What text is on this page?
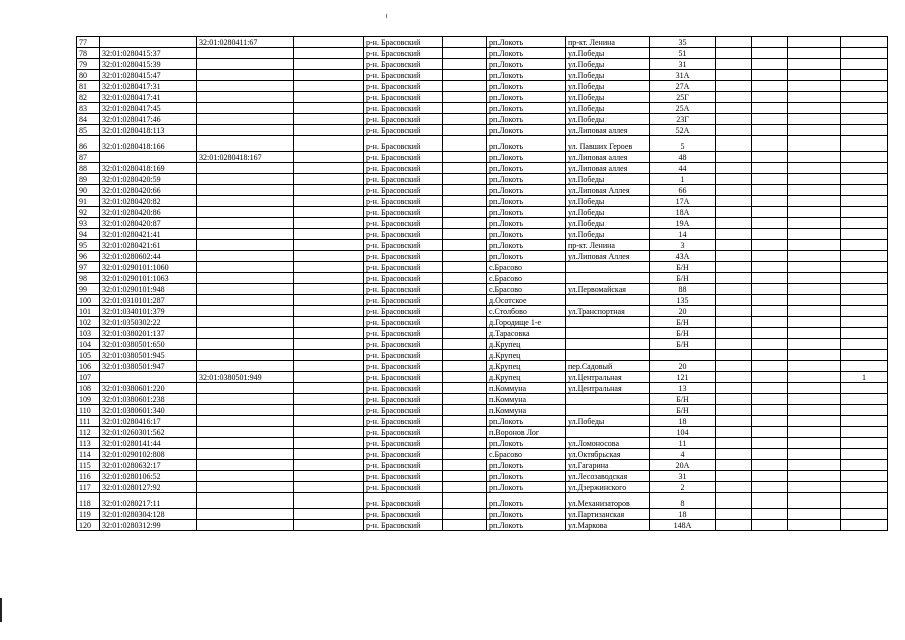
77		32:01:0280411:67		р-н. Брасовский		рп.Локоть	пр-кт. Ленина	35				
78	32:01:0280415:37			р-н. Брасовский		рп.Локоть	ул.Победы	51				
79	32:01:0280415:39			р-н. Брасовский		рп.Локоть	ул.Победы	31				
80	32:01:0280415:47			р-н. Брасовский		рп.Локоть	ул.Победы	31А				
81	32:01:0280417:31			р-н. Брасовский		рп.Локоть	ул.Победы	27А				
82	32:01:0280417:41			р-н. Брасовский		рп.Локоть	ул.Победы	25Г				
83	32:01:0280417:45			р-н. Брасовский		рп.Локоть	ул.Победы	25А				
84	32:01:0280417:46			р-н. Брасовский		рп.Локоть	ул.Победы	23Г				
85	32:01:0280418:113			р-н. Брасовский		рп.Локоть	ул.Липовая аллея	52А				
86	32:01:0280418:166			р-н. Брасовский		рп.Локоть	ул. Павших Героев	5				
87		32:01:0280418:167		р-н. Брасовский		рп.Локоть	ул.Липовая аллея	48				
88	32:01:0280418:169			р-н. Брасовский		рп.Локоть	ул.Липовая аллея	44				
89	32:01:0280420:59			р-н. Брасовский		рп.Локоть	ул.Победы	1				
90	32:01:0280420:66			р-н. Брасовский		рп.Локоть	ул.Липовая Аллея	66				
91	32:01:0280420:82			р-н. Брасовский		рп.Локоть	ул.Победы	17А				
92	32:01:0280420:86			р-н. Брасовский		рп.Локоть	ул.Победы	18А				
93	32:01:0280420:87			р-н. Брасовский		рп.Локоть	ул.Победы	19А				
94	32:01:0280421:41			р-н. Брасовский		рп.Локоть	ул.Победы	14				
95	32:01:0280421:61			р-н. Брасовский		рп.Локоть	пр-кт. Ленина	3				
96	32:01:0280602:44			р-н. Брасовский		рп.Локоть	ул.Липовая Аллея	43А				
97	32:01:0290101:1060			р-н. Брасовский		с.Брасово		Б/Н				
98	32:01:0290101:1063			р-н. Брасовский		с.Брасово		Б/Н				
99	32:01:0290101:948			р-н. Брасовский		с.Брасово	ул.Первомайская	88				
100	32:01:0310101:287			р-н. Брасовский		д.Осотское		135				
101	32:01:0340101:379			р-н. Брасовский		с.Столбово	ул.Транспортная	20				
102	32:01:0350302:22			р-н. Брасовский		д.Городище 1-е		Б/Н				
103	32:01:0380201:137			р-н. Брасовский		д.Тарасовка		Б/Н				
104	32:01:0380501:650			р-н. Брасовский		д.Крупец		Б/Н				
105	32:01:0380501:945			р-н. Брасовский		д.Крупец						
106	32:01:0380501:947			р-н. Брасовский		д.Крупец	пер.Садовый	20				
107		32:01:0380501:949		р-н. Брасовский		д.Крупец	ул.Центральная	121				1
108	32:01:0380601:220			р-н. Брасовский		п.Коммуна	ул.Центральная	13				
109	32:01:0380601:238			р-н. Брасовский		п.Коммуна		Б/Н				
110	32:01:0380601:340			р-н. Брасовский		п.Коммуна		Б/Н				
111	32:01:0280416:17			р-н. Брасовский		рп.Локоть	ул.Победы	18				
112	32:01:0260301:562			р-н. Брасовский		п.Воронов Лог		104				
113	32:01:0280141:44			р-н. Брасовский		рп.Локоть	ул.Ломоносова	11				
114	32:01:0290102:808			р-н. Брасовский		с.Брасово	ул.Октябрьская	4				
115	32:01:0280632:17			р-н. Брасовский		рп.Локоть	ул.Гагарина	20А				
116	32:01:0280106:52			р-н. Брасовский		рп.Локоть	ул.Лесозаводская	31				
117	32:01:0280127:92			р-н. Брасовский		рп.Локоть	ул.Дзержинского	2				
118	32:01:0280217:11			р-н. Брасовский		рп.Локоть	ул.Механизаторов	8				
119	32:01:0280304:128			р-н. Брасовский		рп.Локоть	ул.Партизанская	18				
120	32:01:0280312:99			р-н. Брасовский		рп.Локоть	ул.Маркова	148А				
